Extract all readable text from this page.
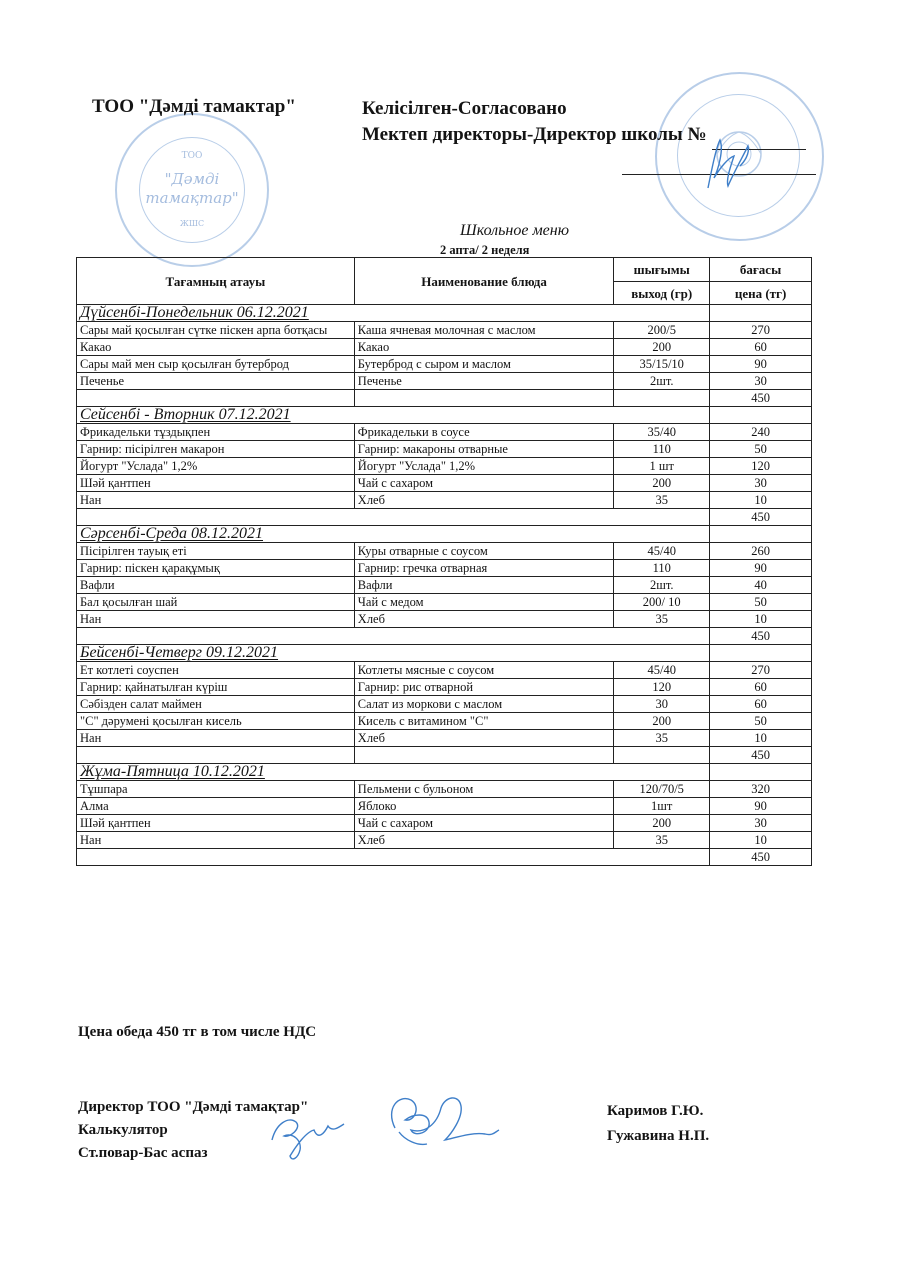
ТОО
"Дәмді
тамақтар"
ЖШС
ТОО "Дәмді тамактар"	Келісілген-Согласовано
Мектеп директоры-Директор школы №
Школьное меню
2 апта/ 2 неделя
Тағамның атауы	Наименование блюда	шығымы	бағасы
		выход (гр)	цена (тг)
Дүйсенбі-Понедельник 06.12.2021			
Сары май қосылған сүтке піскен арпа ботқасы	Каша ячневая молочная с маслом	200/5	270
Какао	Какао	200	60
Сары май мен сыр қосылған бутерброд	Бутерброд с сыром и маслом	35/15/10	90
Печенье	Печенье	2шт.	30
			450
Сейсенбі - Вторник 07.12.2021			
Фрикадельки тұздықпен	Фрикадельки в соусе	35/40	240
Гарнир: пісірілген макарон	Гарнир: макароны отварные	110	50
Йогурт "Услада" 1,2%	Йогурт "Услада" 1,2%	1 шт	120
Шәй қантпен	Чай с сахаром	200	30
Нан	Хлеб	35	10
			450
Сәрсенбі-Среда 08.12.2021			
Пісірілген тауық еті	Куры отварные с соусом	45/40	260
Гарнир: піскен қарақұмық	Гарнир: гречка отварная	110	90
Вафли	Вафли	2шт.	40
Бал қосылған шай	Чай с медом	200/ 10	50
Нан	Хлеб	35	10
			450
Бейсенбі-Четверг 09.12.2021			
Ет котлеті соуспен	Котлеты мясные с соусом	45/40	270
Гарнир: қайнатылған күріш	Гарнир: рис отварной	120	60
Сәбізден салат маймен	Салат из моркови с маслом	30	60
"С" дәрумені қосылған кисель	Кисель с витамином "С"	200	50
Нан	Хлеб	35	10
			450
Жұма-Пятница 10.12.2021			
Тұшпара	Пельмени с бульоном	120/70/5	320
Алма	Яблоко	1шт	90
Шәй қантпен	Чай с сахаром	200	30
Нан	Хлеб	35	10
			450
Цена обеда 450 тг в том числе НДС
Директор ТОО "Дәмді тамақтар"
Калькулятор
Ст.повар-Бас аспаз
Каримов Г.Ю.
Гужавина Н.П.
